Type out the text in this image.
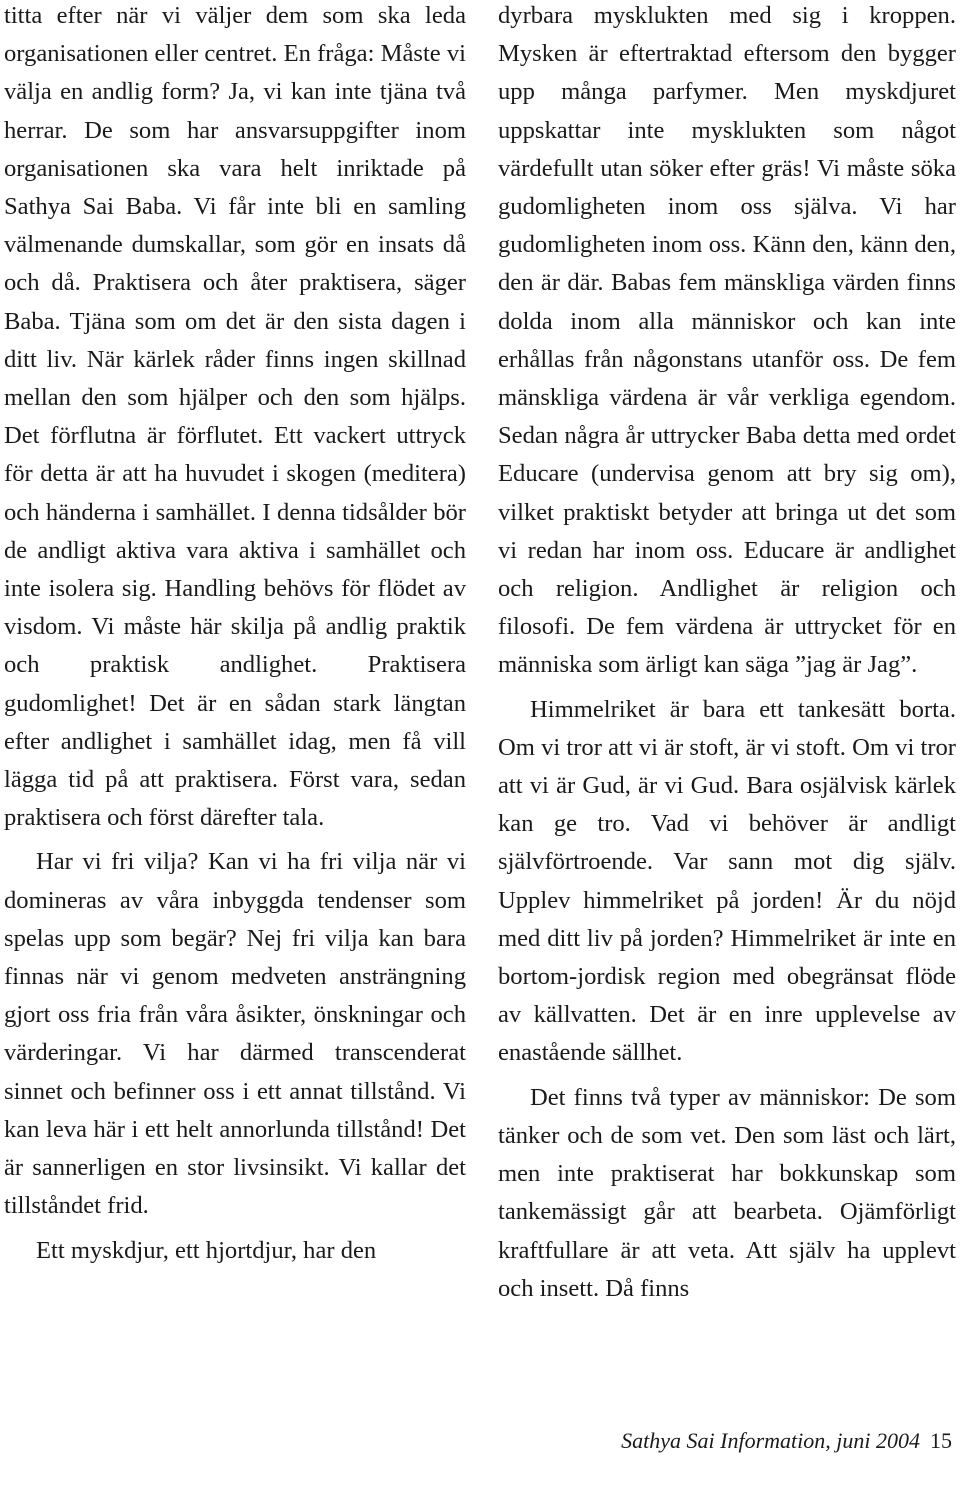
titta efter när vi väljer dem som ska leda organisationen eller centret. En fråga: Måste vi välja en andlig form? Ja, vi kan inte tjäna två herrar. De som har ansvarsuppgifter inom organisationen ska vara helt inriktade på Sathya Sai Baba. Vi får inte bli en samling välmenande dumskallar, som gör en insats då och då. Praktisera och åter praktisera, säger Baba. Tjäna som om det är den sista dagen i ditt liv. När kärlek råder finns ingen skillnad mellan den som hjälper och den som hjälps. Det förflutna är förflutet. Ett vackert uttryck för detta är att ha huvudet i skogen (meditera) och händerna i samhället. I denna tidsålder bör de andligt aktiva vara aktiva i samhället och inte isolera sig. Handling behövs för flödet av visdom. Vi måste här skilja på andlig praktik och praktisk andlighet. Praktisera gudomlighet! Det är en sådan stark längtan efter andlighet i samhället idag, men få vill lägga tid på att praktisera. Först vara, sedan praktisera och först därefter tala.

Har vi fri vilja? Kan vi ha fri vilja när vi domineras av våra inbyggda tendenser som spelas upp som begär? Nej fri vilja kan bara finnas när vi genom medveten ansträngning gjort oss fria från våra åsikter, önskningar och värderingar. Vi har därmed transcenderat sinnet och befinner oss i ett annat tillstånd. Vi kan leva här i ett helt annorlunda tillstånd! Det är sannerligen en stor livsinsikt. Vi kallar det tillståndet frid.

Ett myskdjur, ett hjortdjur, har den

dyrbara mysklukten med sig i kroppen. Mysken är eftertraktad eftersom den bygger upp många parfymer. Men myskdjuret uppskattar inte mysklukten som något värdefullt utan söker efter gräs! Vi måste söka gudomligheten inom oss själva. Vi har gudomligheten inom oss. Känn den, känn den, den är där. Babas fem mänskliga värden finns dolda inom alla människor och kan inte erhållas från någonstans utanför oss. De fem mänskliga värdena är vår verkliga egendom. Sedan några år uttrycker Baba detta med ordet Educare (undervisa genom att bry sig om), vilket praktiskt betyder att bringa ut det som vi redan har inom oss. Educare är andlighet och religion. Andlighet är religion och filosofi. De fem värdena är uttrycket för en människa som ärligt kan säga ”jag är Jag”.

Himmelriket är bara ett tankesätt borta. Om vi tror att vi är stoft, är vi stoft. Om vi tror att vi är Gud, är vi Gud. Bara osjälvisk kärlek kan ge tro. Vad vi behöver är andligt självförtroende. Var sann mot dig själv. Upplev himmelriket på jorden! Är du nöjd med ditt liv på jorden? Himmelriket är inte en bortom-jordisk region med obegränsat flöde av källvatten. Det är en inre upplevelse av enastående sällhet.

Det finns två typer av människor: De som tänker och de som vet. Den som läst och lärt, men inte praktiserat har bokkunskap som tankemässigt går att bearbeta. Ojämförligt kraftfullare är att veta. Att själv ha upplevt och insett. Då finns

Sathya Sai Information, juni 2004 15
